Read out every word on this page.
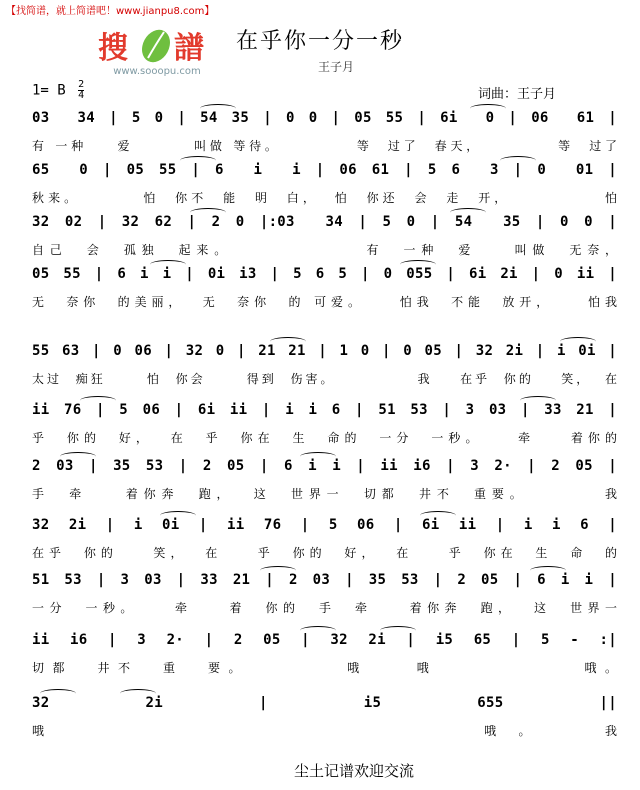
【找简谱，就上简谱吧！www.jianpu8.com】
搜 譜
www.sooopu.com
在乎你一分一秒
王子月
1= B $\frac{2}{4}$	词曲：王子月
03  34 | 5 0 | 54 35 | 0 0 | 05 55 | 6i  0 | 06  61 |
有 一种    爱        叫做 等待。          等  过了  春天，          等  过了
65  0 | 05 55 | 6  i  i | 06 61 | 5 6  3 | 0  01 |
秋来。        怕  你不  能  明  白，  怕  你还  会  走  开，            怕
32 02 | 32 62 | 2 0 |:03  34 | 5 0 | 54  35 | 0 0 |
自己  会  孤独  起来。              有  一种  爱    叫做  无奈，
05 55 | 6 i i | 0i i3 | 5 6 5 | 0 055 | 6i 2i | 0 ii |
无  奈你  的美丽，  无  奈你  的 可爱。    怕我  不能  放开，    怕我
55 63 | 0 06 | 32 0 | 21 21 | 1 0 | 0 05 | 32 2i | i 0i |
太过  痴狂      怕  你会      得到  伤害。            我    在乎  你的    笑，  在
ii 76 | 5 06 | 6i ii | i i 6 | 51 53 | 3 03 | 33 21 |
乎  你的  好，  在  乎  你在  生  命的  一分  一秒。    牵    着你的
2 03 | 35 53 | 2 05 | 6 i i | ii i6 | 3 2· | 2 05 |
手  牵    着你奔  跑，  这  世界一  切都  井不  重要。        我
32 2i | i 0i | ii 76 | 5 06 | 6i ii | i i 6 |
在乎  你的    笑，  在    乎  你的  好，  在    乎  你在  生  命  的
51 53 | 3 03 | 33 21 | 2 03 | 35 53 | 2 05 | 6 i i |
一分  一秒。    牵    着  你的  手  牵    着你奔  跑，  这  世界一
ii i6 | 3 2· | 2 05 | 32 2i | i5 65 | 5 - :|
切都  井不  重  要。        哦    哦            哦。
32 2i | i5 655 ||
哦                哦。  我
尘土记谱欢迎交流
